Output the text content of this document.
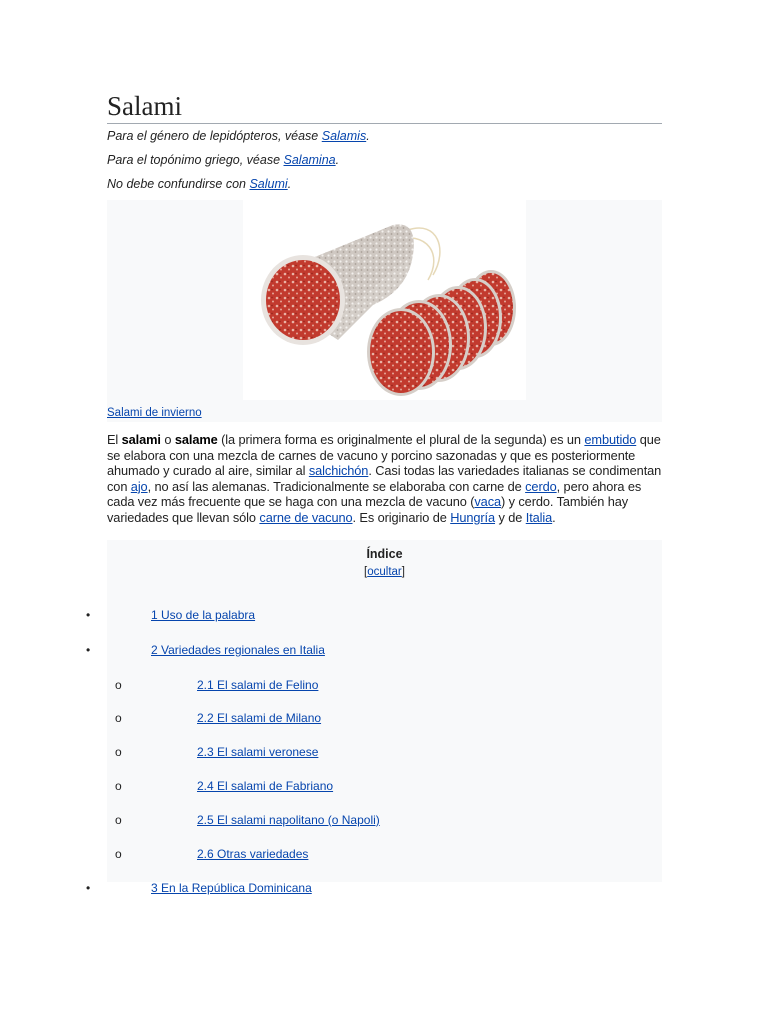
Salami

Para el género de lepidópteros, véase Salamis.

Para el topónimo griego, véase Salamina.

No debe confundirse con Salumi.

Salami de invierno

El salami o salame (la primera forma es originalmente el plural de la segunda) es un embutido que se elabora con una mezcla de carnes de vacuno y porcino sazonadas y que es posteriormente ahumado y curado al aire, similar al salchichón. Casi todas las variedades italianas se condimentan con ajo, no así las alemanas. Tradicionalmente se elaboraba con carne de cerdo, pero ahora es cada vez más frecuente que se haga con una mezcla de vacuno (vaca) y cerdo. También hay variedades que llevan sólo carne de vacuno. Es originario de Hungría y de Italia.

Índice
[ocultar]
•	1 Uso de la palabra
•	2 Variedades regionales en Italia
o	2.1 El salami de Felino
o	2.2 El salami de Milano
o	2.3 El salami veronese
o	2.4 El salami de Fabriano
o	2.5 El salami napolitano (o Napoli)
o	2.6 Otras variedades
•	3 En la República Dominicana
